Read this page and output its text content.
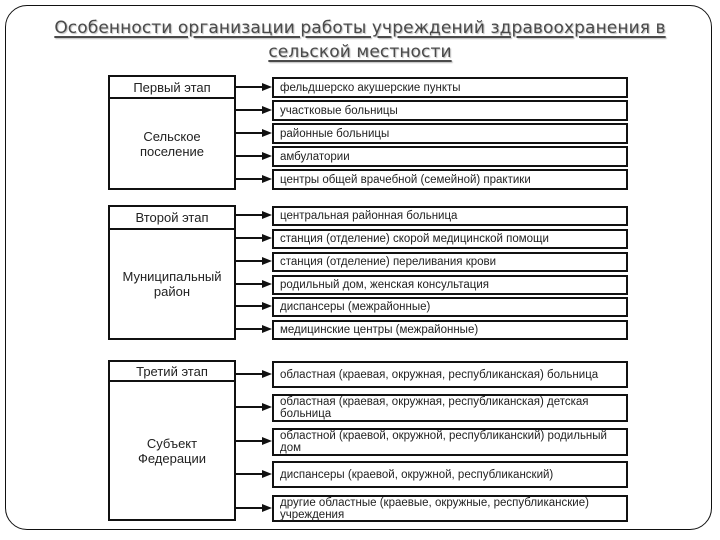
Особенности организации работы учреждений здравоохранения в
сельской местности
Первый этап
Сельское
поселение
фельдшерско акушерские пункты
участковые больницы
районные больницы
амбулатории
центры общей врачебной (семейной) практики
Второй этап
Муниципальный
район
центральная районная больница
станция (отделение) скорой медицинской помощи
станция (отделение) переливания крови
родильный дом, женская консультация
диспансеры (межрайонные)
медицинские центры (межрайонные)
Третий этап
Субъект
Федерации
областная (краевая, окружная, республиканская) больница
областная (краевая, окружная, республиканская) детская больница
областной (краевой, окружной, республиканский) родильный дом
диспансеры (краевой, окружной, республиканский)
другие областные (краевые, окружные, республиканские) учреждения
